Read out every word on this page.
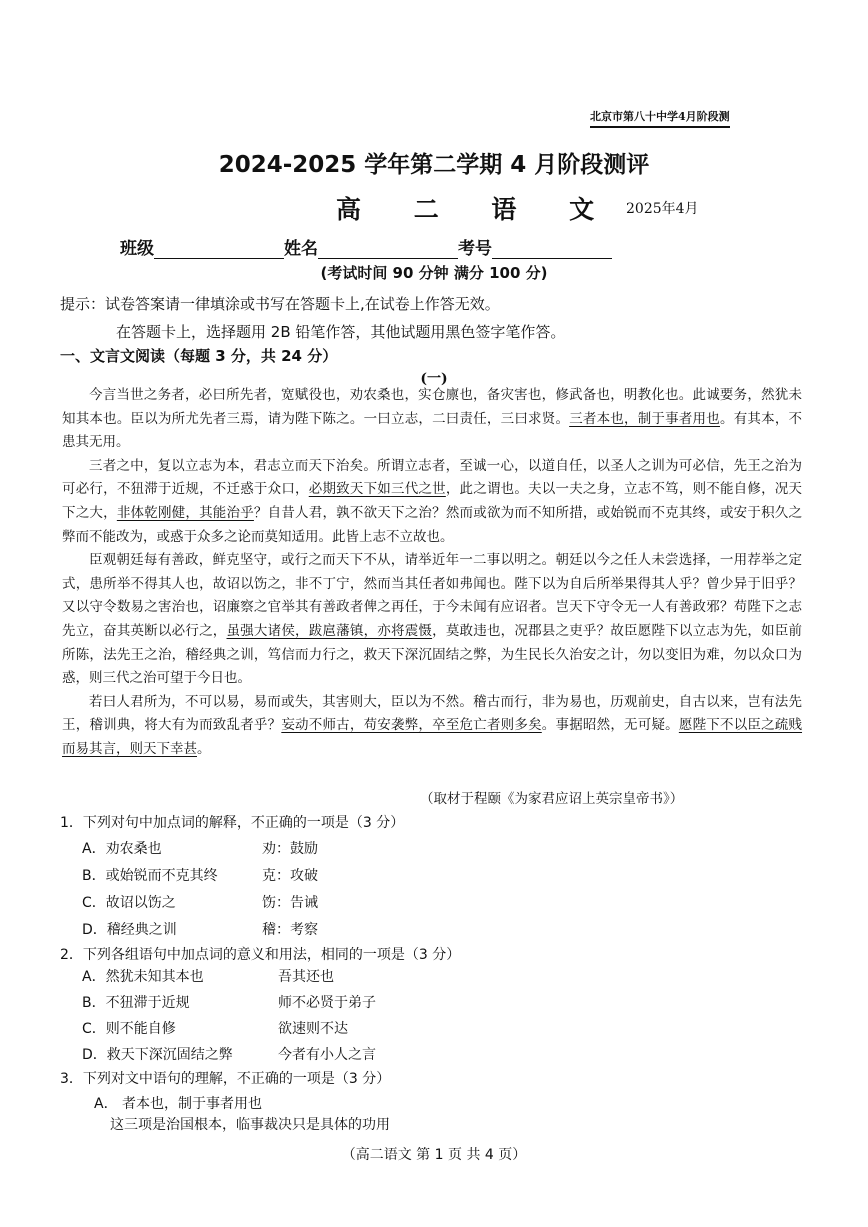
北京市第八十中学4月阶段测
2024-2025 学年第二学期 4 月阶段测评
高 二 语 文 2025年4月
班级	姓名	考号
(考试时间 90 分钟 满分 100 分)
提示：试卷答案请一律填涂或书写在答题卡上,在试卷上作答无效。
在答题卡上，选择题用 2B 铅笔作答，其他试题用黑色签字笔作答。
一、文言文阅读（每题 3 分，共 24 分）
(一)

今言当世之务者，必曰所先者，宽赋役也，劝农桑也，实仓廪也，备灾害也，修武备也，明教化也。此诚要务，然犹未知其本也。臣以为所尤先者三焉，请为陛下陈之。一曰立志，二曰责任，三曰求贤。三者本也，制于事者用也。有其本，不患其无用。

三者之中，复以立志为本，君志立而天下治矣。所谓立志者，至诚一心，以道自任，以圣人之训为可必信，先王之治为可必行，不狃滞于近规，不迁惑于众口，必期致天下如三代之世，此之谓也。夫以一夫之身，立志不笃，则不能自修，况天下之大，非体乾刚健，其能治乎？自昔人君，孰不欲天下之治？然而或欲为而不知所措，或始锐而不克其终，或安于积久之弊而不能改为，或惑于众多之论而莫知适用。此皆上志不立故也。

臣观朝廷每有善政，鲜克坚守，或行之而天下不从，请举近年一二事以明之。朝廷以今之任人未尝选择，一用荐举之定式，患所举不得其人也，故诏以饬之，非不丁宁，然而当其任者如弗闻也。陛下以为自后所举果得其人乎？曾少异于旧乎？又以守令数易之害治也，诏廉察之官举其有善政者俾之再任，于今未闻有应诏者。岂天下守令无一人有善政邪？苟陛下之志先立，奋其英断以必行之，虽强大诸侯，跋扈藩镇，亦将震慑，莫敢违也，况郡县之吏乎？故臣愿陛下以立志为先，如臣前所陈，法先王之治，稽经典之训，笃信而力行之，救天下深沉固结之弊，为生民长久治安之计，勿以变旧为难，勿以众口为惑，则三代之治可望于今日也。

若曰人君所为，不可以易，易而或失，其害则大，臣以为不然。稽古而行，非为易也，历观前史，自古以来，岂有法先王，稽训典，将大有为而致乱者乎？妄动不师古，苟安袭弊，卒至危亡者则多矣。事据昭然，无可疑。愿陛下不以臣之疏贱而易其言，则天下幸甚。

（取材于程颐《为家君应诏上英宗皇帝书》）
1．下列对句中加点词的解释，不正确的一项是（3 分）
A．劝农桑也	劝：鼓励
B．或始锐而不克其终	克：攻破
C．故诏以饬之	饬：告诫
D．稽经典之训	稽：考察
2．下列各组语句中加点词的意义和用法，相同的一项是（3 分）
A．然犹未知其本也	吾其还也
B．不狃滞于近规	师不必贤于弟子
C．则不能自修	欲速则不达
D．救天下深沉固结之弊	今者有小人之言
3．下列对文中语句的理解，不正确的一项是（3 分）
A． 者本也，制于事者用也
这三项是治国根本，临事裁决只是具体的功用
（高二语文 第 1 页 共 4 页）
